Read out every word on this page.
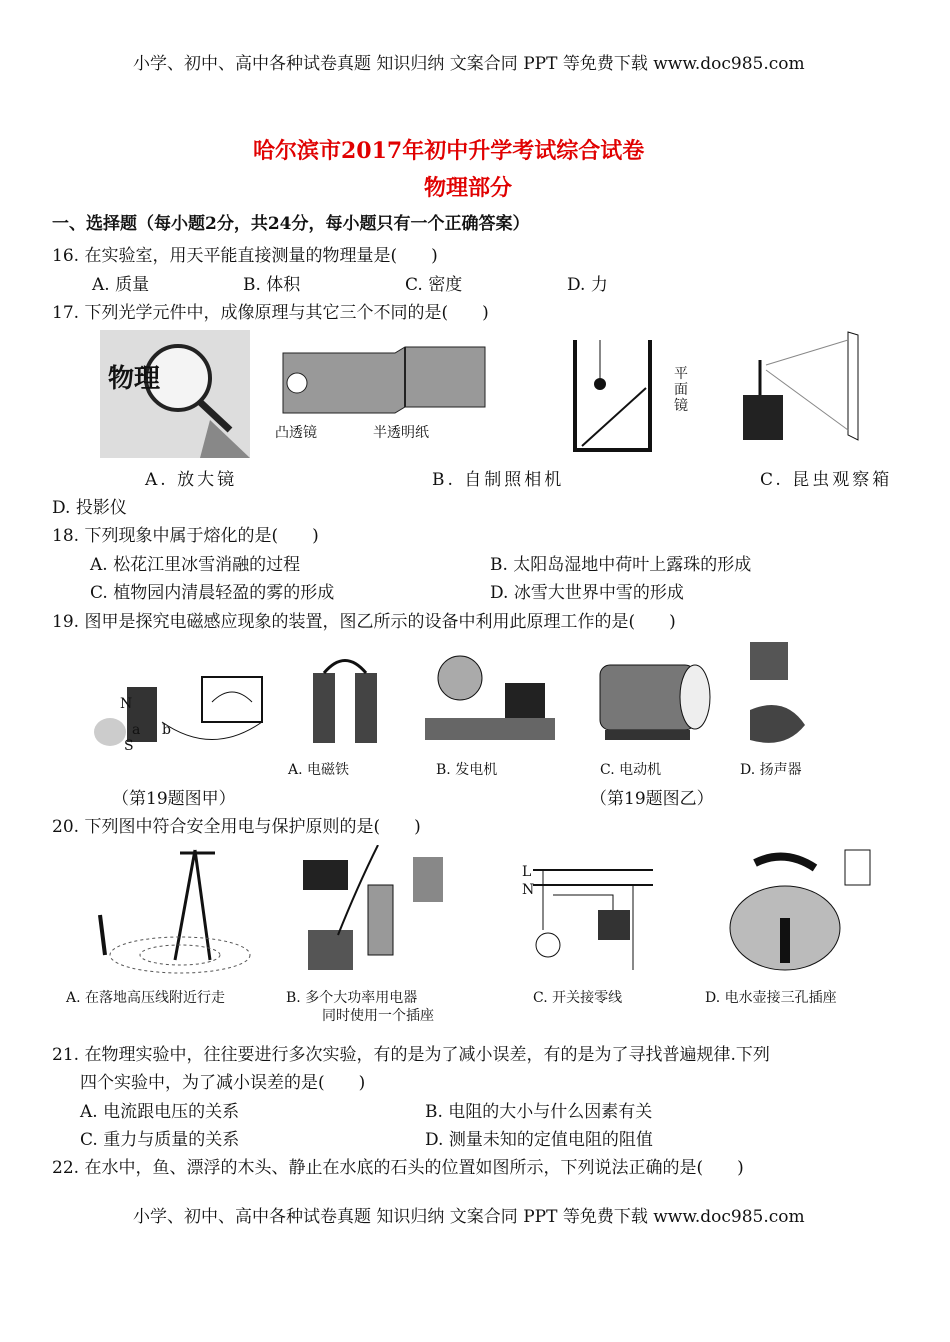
小学、初中、高中各种试卷真题 知识归纳 文案合同 PPT 等免费下载 www.doc985.com
哈尔滨市2017年初中升学考试综合试卷
物理部分
一、选择题（每小题2分，共24分，每小题只有一个正确答案）
16. 在实验室，用天平能直接测量的物理量是(　　)
A. 质量	B. 体积	C. 密度	D. 力
17. 下列光学元件中，成像原理与其它三个不同的是(　　)
物理
凸透镜	半透明纸
平面镜
A. 放大镜	B. 自制照相机	C. 昆虫观察箱
D. 投影仪
18. 下列现象中属于熔化的是(　　)
A. 松花江里冰雪消融的过程	B. 太阳岛湿地中荷叶上露珠的形成
C. 植物园内清晨轻盈的雾的形成	D. 冰雪大世界中雪的形成
19. 图甲是探究电磁感应现象的装置，图乙所示的设备中利用此原理工作的是(　　)
N
S
a b
A. 电磁铁	B. 发电机	C. 电动机	D. 扬声器
（第19题图甲）	（第19题图乙）
20. 下列图中符合安全用电与保护原则的是(　　)
L
N
A. 在落地高压线附近行走	B. 多个大功率用电器
同时使用一个插座
C. 开关接零线	D. 电水壶接三孔插座
21. 在物理实验中，往往要进行多次实验，有的是为了减小误差，有的是为了寻找普遍规律.下列
四个实验中，为了减小误差的是(　　)
A. 电流跟电压的关系	B. 电阻的大小与什么因素有关
C. 重力与质量的关系	D. 测量未知的定值电阻的阻值
22. 在水中，鱼、漂浮的木头、静止在水底的石头的位置如图所示，下列说法正确的是(　　)
小学、初中、高中各种试卷真题 知识归纳 文案合同 PPT 等免费下载 www.doc985.com
